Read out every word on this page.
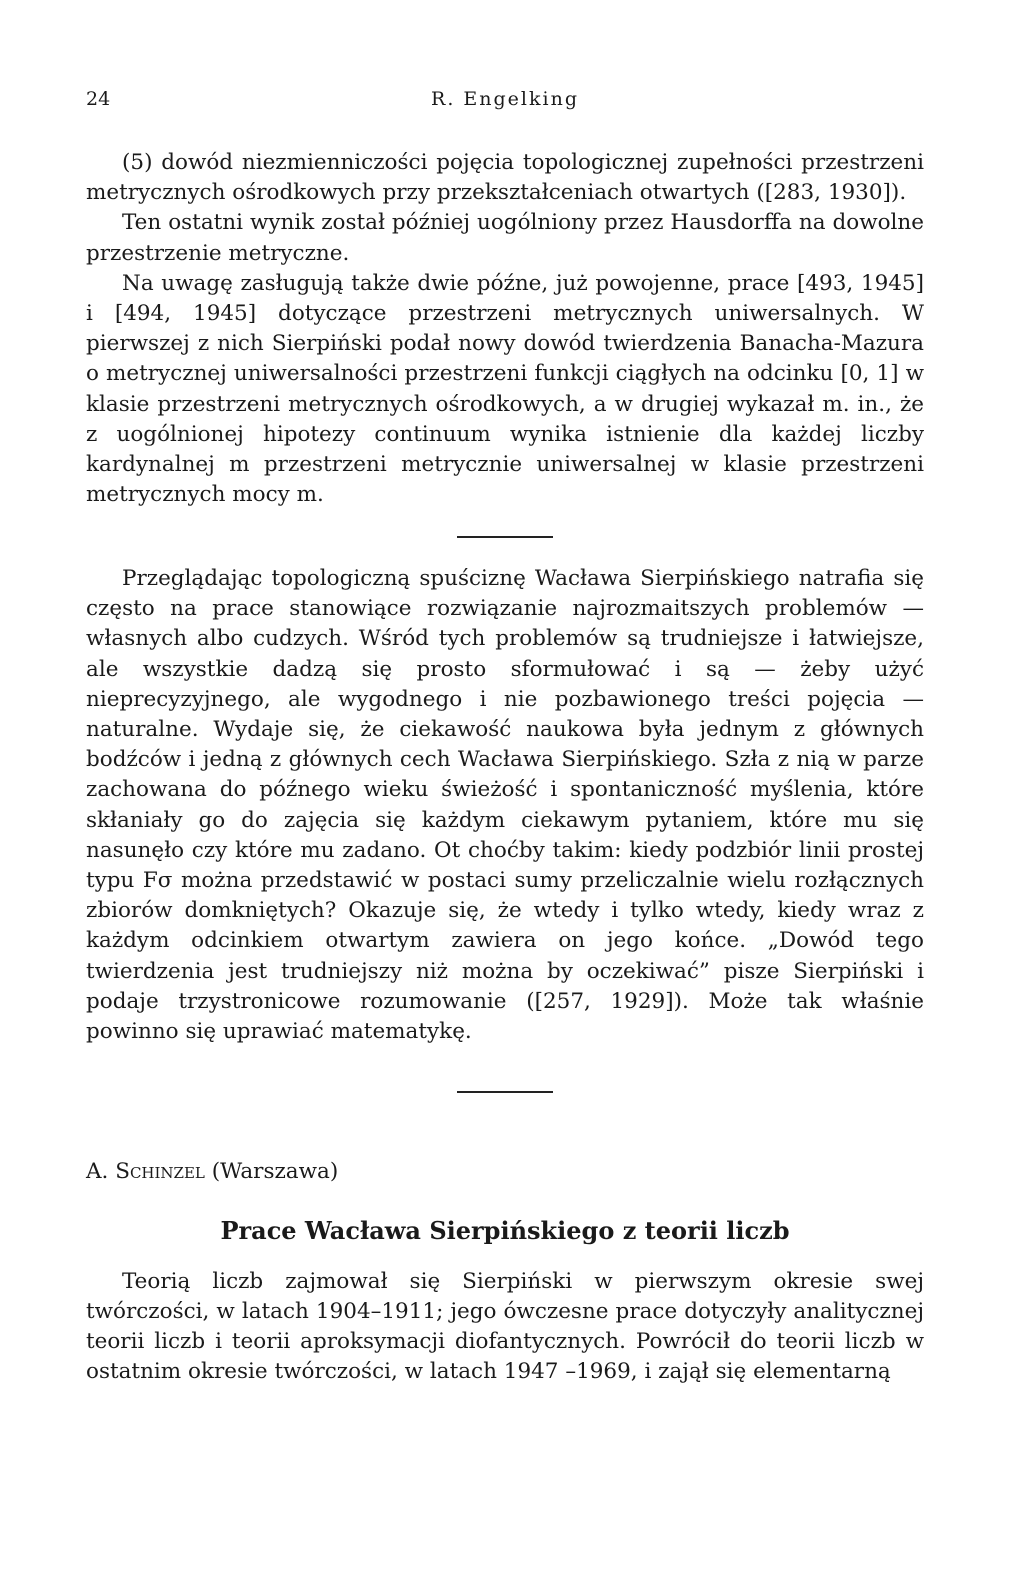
24	R. Engelking

(5) dowód niezmienniczości pojęcia topologicznej zupełności przestrzeni metrycznych ośrodkowych przy przekształceniach otwartych ([283, 1930]).

Ten ostatni wynik został później uogólniony przez Hausdorffa na dowolne przestrzenie metryczne.

Na uwagę zasługują także dwie późne, już powojenne, prace [493, 1945] i [494, 1945] dotyczące przestrzeni metrycznych uniwersalnych. W pierwszej z nich Sierpiński podał nowy dowód twierdzenia Banacha-Mazura o metrycznej uniwersalności przestrzeni funkcji ciągłych na odcinku [0, 1] w klasie przestrzeni metrycznych ośrodkowych, a w drugiej wykazał m. in., że z uogólnionej hipotezy continuum wynika istnienie dla każdej liczby kardynalnej m przestrzeni metrycznie uniwersalnej w klasie przestrzeni metrycznych mocy m.

Przeglądając topologiczną spuściznę Wacława Sierpińskiego natrafia się często na prace stanowiące rozwiązanie najrozmaitszych problemów — własnych albo cudzych. Wśród tych problemów są trudniejsze i łatwiejsze, ale wszystkie dadzą się prosto sformułować i są — żeby użyć nieprecyzyjnego, ale wygodnego i nie pozbawionego treści pojęcia — naturalne. Wydaje się, że ciekawość naukowa była jednym z głównych bodźców i jedną z głównych cech Wacława Sierpińskiego. Szła z nią w parze zachowana do późnego wieku świeżość i spontaniczność myślenia, które skłaniały go do zajęcia się każdym ciekawym pytaniem, które mu się nasunęło czy które mu zadano. Ot choćby takim: kiedy podzbiór linii prostej typu Fσ można przedstawić w postaci sumy przeliczalnie wielu rozłącznych zbiorów domkniętych? Okazuje się, że wtedy i tylko wtedy, kiedy wraz z każdym odcinkiem otwartym zawiera on jego końce. „Dowód tego twierdzenia jest trudniejszy niż można by oczekiwać” pisze Sierpiński i podaje trzystronicowe rozumowanie ([257, 1929]). Może tak właśnie powinno się uprawiać matematykę.

A. Schinzel (Warszawa)
Prace Wacława Sierpińskiego z teorii liczb

Teorią liczb zajmował się Sierpiński w pierwszym okresie swej twórczości, w latach 1904–1911; jego ówczesne prace dotyczyły analitycznej teorii liczb i teorii aproksymacji diofantycznych. Powrócił do teorii liczb w ostatnim okresie twórczości, w latach 1947 –1969, i zajął się elementarną
